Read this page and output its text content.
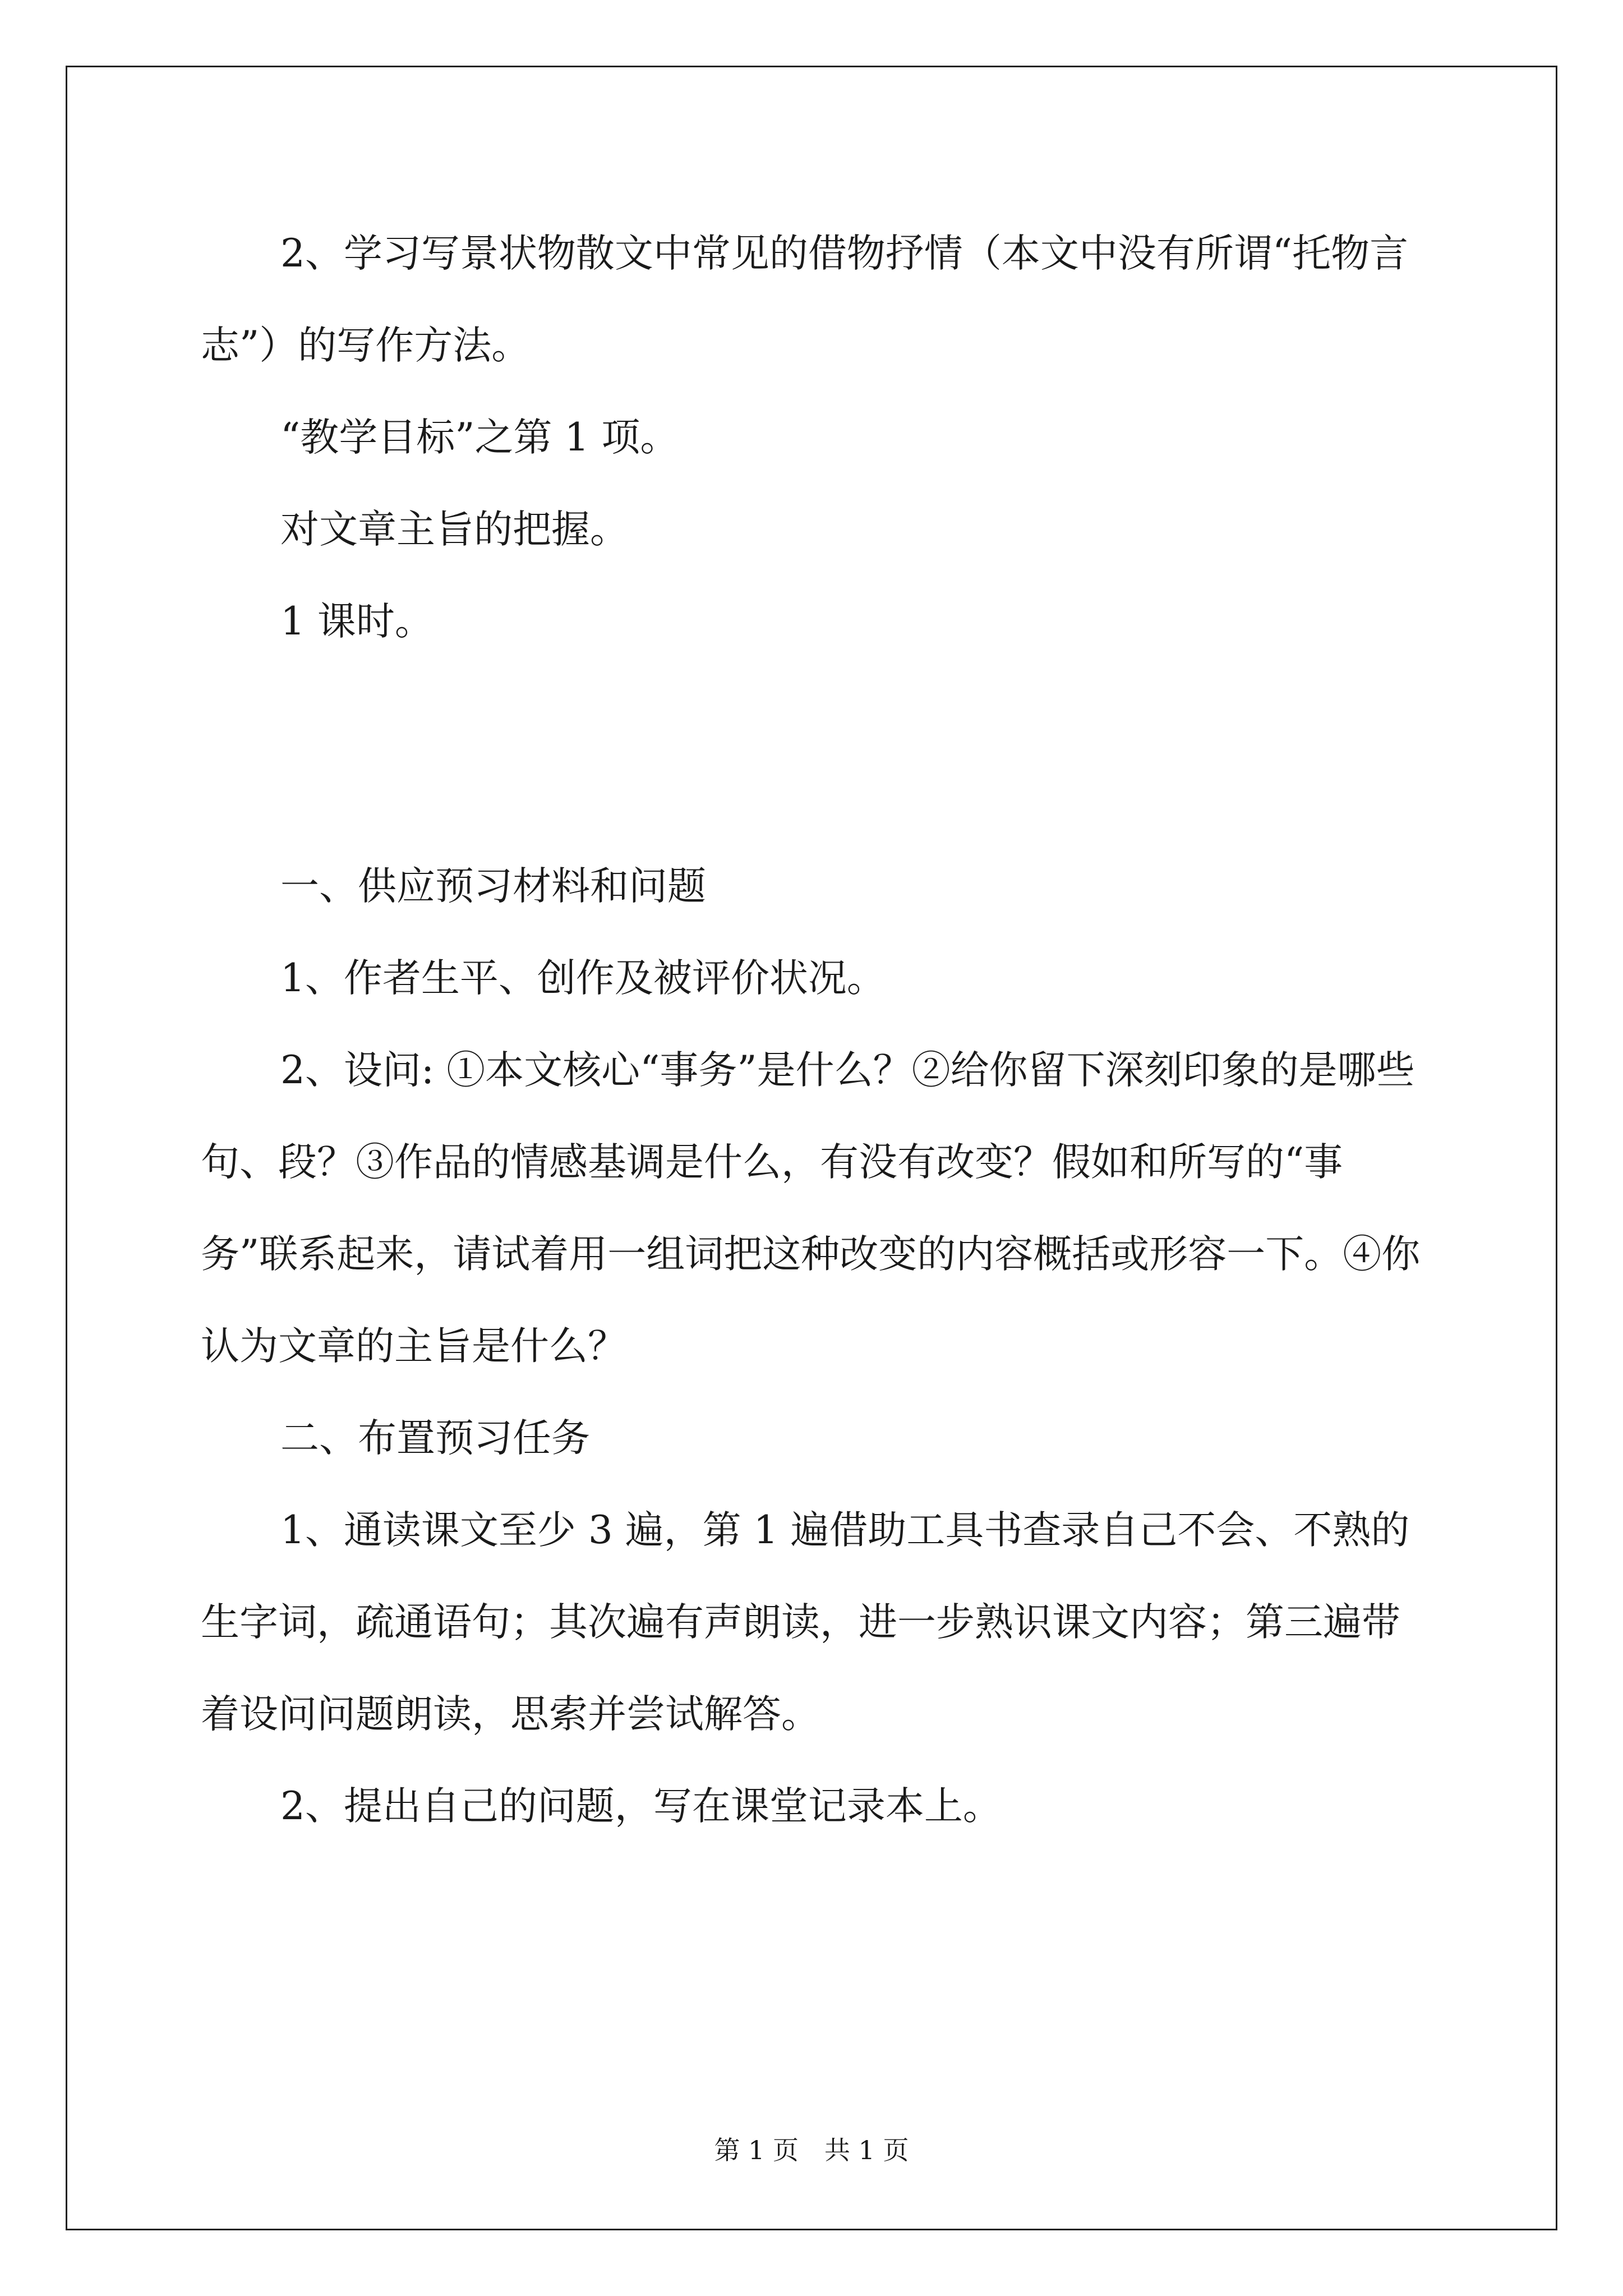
2、学习写景状物散文中常见的借物抒情（本文中没有所谓“托物言志”）的写作方法。

“教学目标”之第 1 项。

对文章主旨的把握。

1 课时。

一、供应预习材料和问题

1、作者生平、创作及被评价状况。

2、设问: ①本文核心“事务”是什么？②给你留下深刻印象的是哪些句、段？③作品的情感基调是什么，有没有改变？假如和所写的“事务”联系起来，请试着用一组词把这种改变的内容概括或形容一下。④你认为文章的主旨是什么？

二、布置预习任务

1、通读课文至少 3 遍，第 1 遍借助工具书查录自己不会、不熟的生字词，疏通语句；其次遍有声朗读，进一步熟识课文内容；第三遍带着设问问题朗读，思索并尝试解答。

2、提出自己的问题，写在课堂记录本上。

第 1 页 共 1 页
